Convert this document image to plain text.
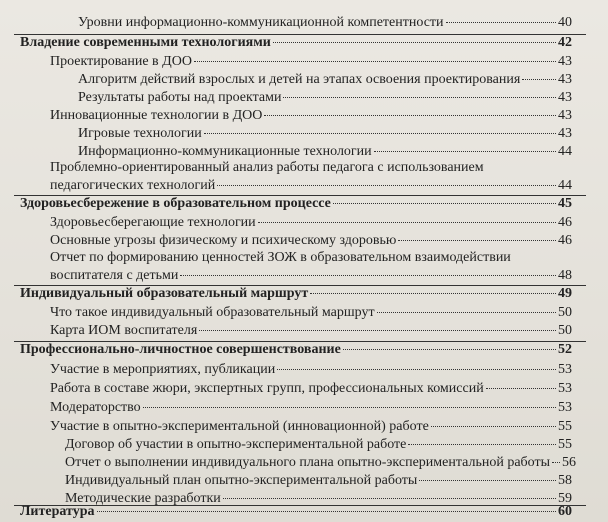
Уровни информационно-коммуникационной компетентности	40
Владение современными технологиями	42
Проектирование в ДОО	43
Алгоритм действий взрослых и детей на этапах освоения проектирования	43
Результаты работы над проектами	43
Инновационные технологии в ДОО	43
Игровые технологии	43
Информационно-коммуникационные технологии	44
Проблемно-ориентированный анализ работы педагога с использованием
педагогических технологий	44
Здоровьесбережение в образовательном процессе	45
Здоровьесберегающие технологии	46
Основные угрозы физическому и психическому здоровью	46
Отчет по формированию ценностей ЗОЖ в образовательном взаимодействии
воспитателя с детьми	48
Индивидуальный образовательный маршрут	49
Что такое индивидуальный образовательный маршрут	50
Карта ИОМ воспитателя	50
Профессионально-личностное совершенствование	52
Участие в мероприятиях, публикации	53
Работа в составе жюри, экспертных групп, профессиональных комиссий	53
Модераторство	53
Участие в опытно-экспериментальной (инновационной) работе	55
Договор об участии в опытно-экспериментальной работе	55
Отчет о выполнении индивидуального плана опытно-экспериментальной работы 56
Индивидуальный план опытно-экспериментальной работы	58
Методические разработки	59
Литература	60
